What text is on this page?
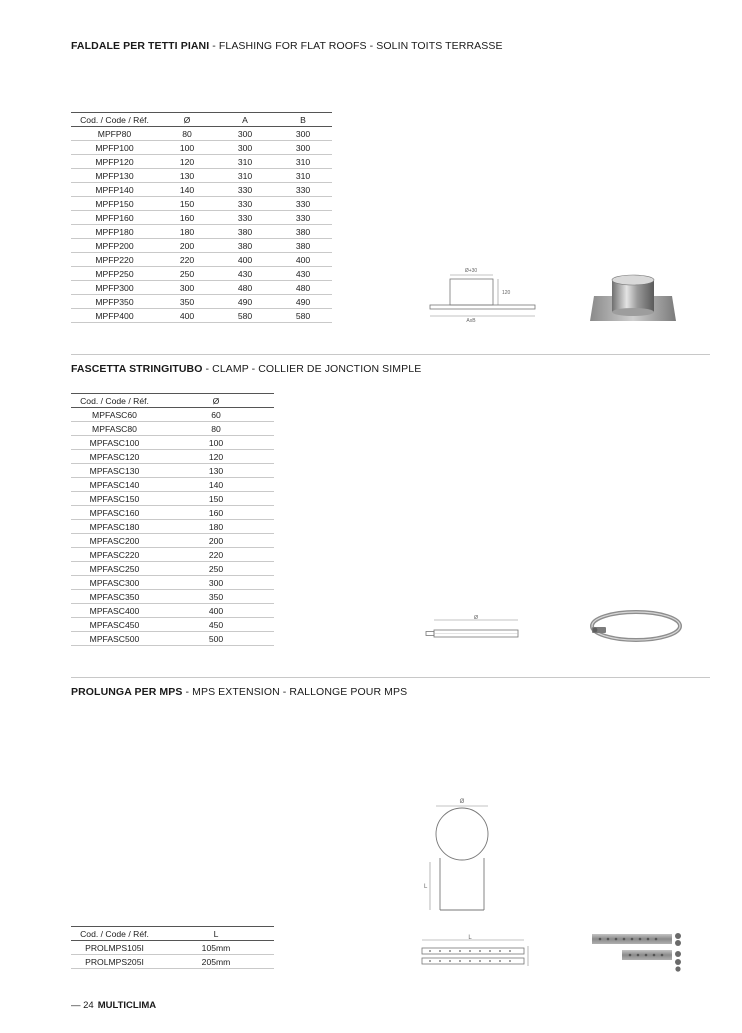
FALDALE PER TETTI PIANI - FLASHING FOR FLAT ROOFS - SOLIN TOITS TERRASSE
Cod. / Code / Réf.	Ø	A	B
MPFP80	80	300	300
MPFP100	100	300	300
MPFP120	120	310	310
MPFP130	130	310	310
MPFP140	140	330	330
MPFP150	150	330	330
MPFP160	160	330	330
MPFP180	180	380	380
MPFP200	200	380	380
MPFP220	220	400	400
MPFP250	250	430	430
MPFP300	300	480	480
MPFP350	350	490	490
MPFP400	400	580	580
Ø+30
120
AxB
FASCETTA STRINGITUBO - CLAMP - COLLIER DE JONCTION SIMPLE
Cod. / Code / Réf.	Ø
MPFASC60	60
MPFASC80	80
MPFASC100	100
MPFASC120	120
MPFASC130	130
MPFASC140	140
MPFASC150	150
MPFASC160	160
MPFASC180	180
MPFASC200	200
MPFASC220	220
MPFASC250	250
MPFASC300	300
MPFASC350	350
MPFASC400	400
MPFASC450	450
MPFASC500	500
Ø
PROLUNGA PER MPS - MPS EXTENSION - RALLONGE POUR MPS
Ø
L
Cod. / Code / Réf.	L
PROLMPS105I	105mm
PROLMPS205I	205mm
L
— 24 MULTICLIMA
